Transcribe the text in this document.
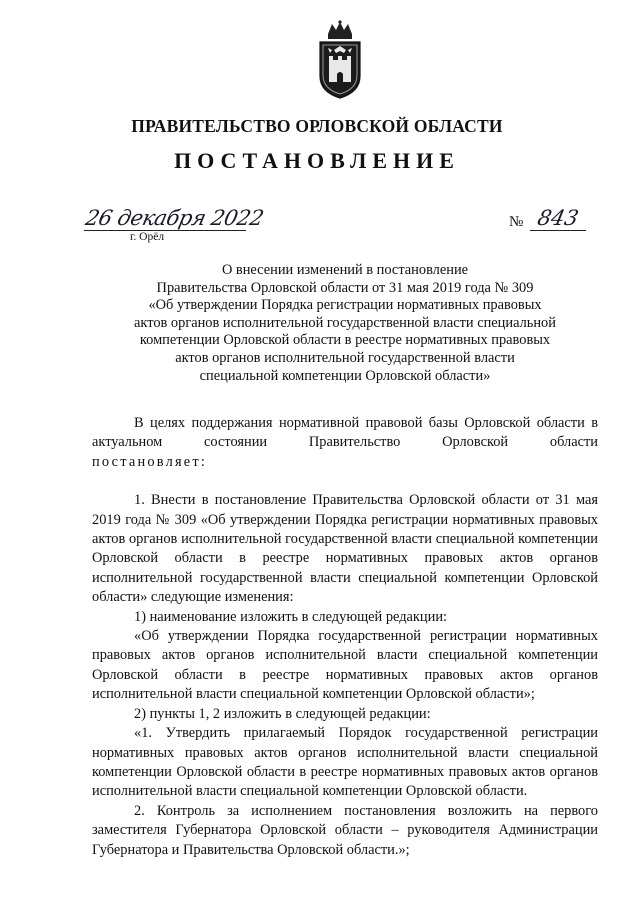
ПРАВИТЕЛЬСТВО ОРЛОВСКОЙ ОБЛАСТИ
ПОСТАНОВЛЕНИЕ
26 декабря 2022
г. Орёл
№ 843
О внесении изменений в постановление
Правительства Орловской области от 31 мая 2019 года № 309
«Об утверждении Порядка регистрации нормативных правовых
актов органов исполнительной государственной власти специальной
компетенции Орловской области в реестре нормативных правовых
актов органов исполнительной государственной власти
специальной компетенции Орловской области»

В целях поддержания нормативной правовой базы Орловской области в актуальном состоянии Правительство Орловской области

постановляет:

1. Внести в постановление Правительства Орловской области от 31 мая 2019 года № 309 «Об утверждении Порядка регистрации нормативных правовых актов органов исполнительной государственной власти специальной компетенции Орловской области в реестре нормативных правовых актов органов исполнительной государственной власти специальной компетенции Орловской области» следующие изменения:

1) наименование изложить в следующей редакции:

«Об утверждении Порядка государственной регистрации нормативных правовых актов органов исполнительной власти специальной компетенции Орловской области в реестре нормативных правовых актов органов исполнительной власти специальной компетенции Орловской области»;

2) пункты 1, 2 изложить в следующей редакции:

«1. Утвердить прилагаемый Порядок государственной регистрации нормативных правовых актов органов исполнительной власти специальной компетенции Орловской области в реестре нормативных правовых актов органов исполнительной власти специальной компетенции Орловской области.

2. Контроль за исполнением постановления возложить на первого заместителя Губернатора Орловской области – руководителя Администрации Губернатора и Правительства Орловской области.»;
